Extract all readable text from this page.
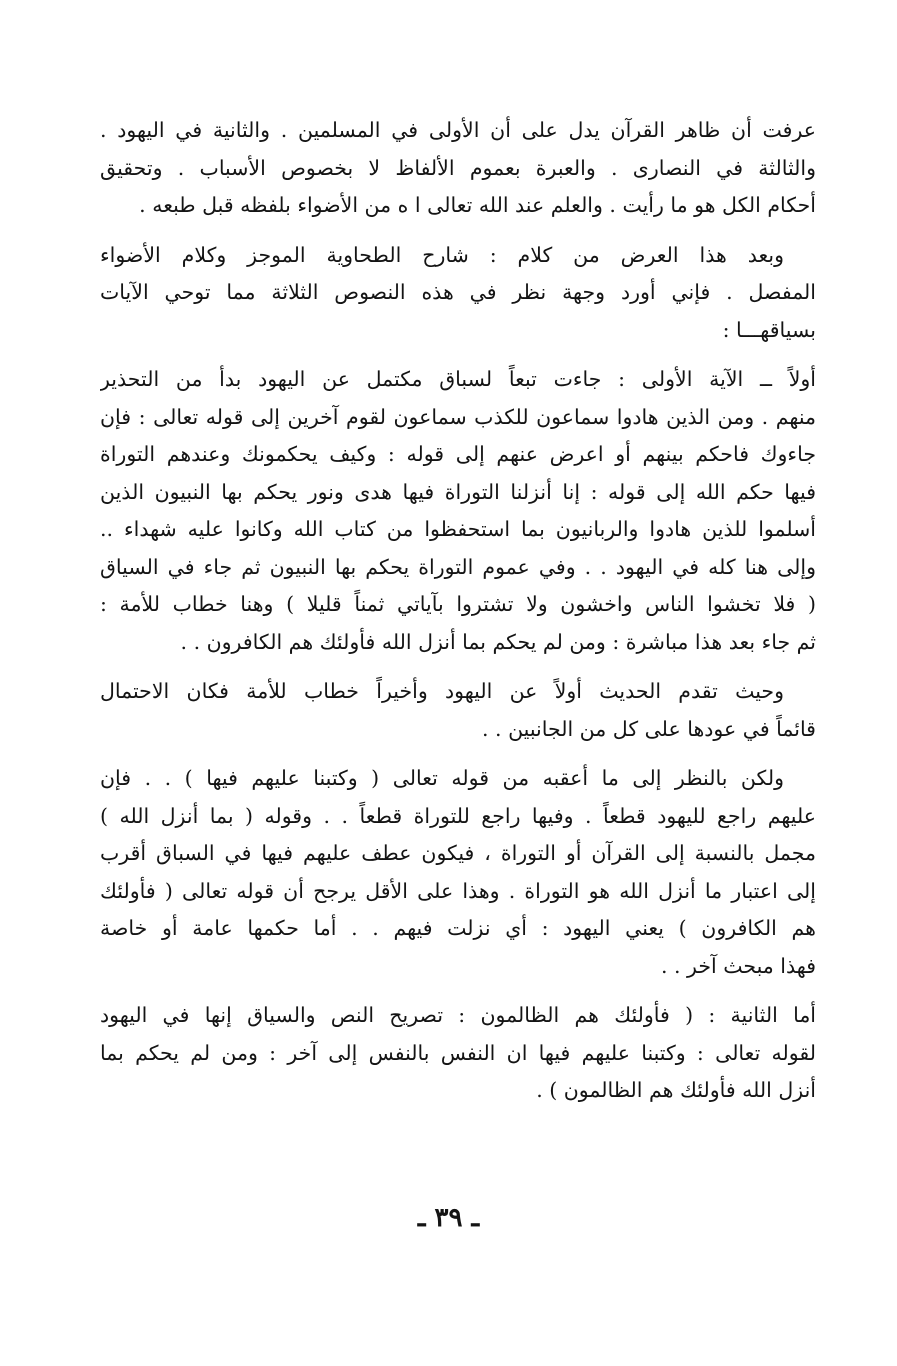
عرفت أن ظاهر القرآن يدل على أن الأولى في المسلمين . والثانية في اليهود .
والثالثة في النصارى . والعبرة بعموم الألفاظ لا بخصوص الأسباب . وتحقيق
أحكام الكل هو ما رأيت . والعلم عند الله تعالى ا ه من الأضواء بلفظه قبل طبعه .
وبعد هذا العرض من كلام : شارح الطحاوية الموجز وكلام الأضواء
المفصل . فإني أورد وجهة نظر في هذه النصوص الثلاثة مما توحي الآيات
بسياقهـــا :
أولاً ــ الآية الأولى : جاءت تبعاً لسباق مكتمل عن اليهود بدأ من التحذير
منهم . ومن الذين هادوا سماعون للكذب سماعون لقوم آخرين إلى قوله تعالى : فإن
جاءوك فاحكم بينهم أو اعرض عنهم إلى قوله : وكيف يحكمونك وعندهم التوراة
فيها حكم الله إلى قوله : إنا أنزلنا التوراة فيها هدى ونور يحكم بها النبيون الذين
أسلموا للذين هادوا والربانيون بما استحفظوا من كتاب الله وكانوا عليه شهداء ..
وإلى هنا كله في اليهود . . وفي عموم التوراة يحكم بها النبيون ثم جاء في السياق
( فلا تخشوا الناس واخشون ولا تشتروا بآياتي ثمناً قليلا ) وهنا خطاب للأمة :
ثم جاء بعد هذا مباشرة : ومن لم يحكم بما أنزل الله فأولئك هم الكافرون . .
وحيث تقدم الحديث أولاً عن اليهود وأخيراً خطاب للأمة فكان الاحتمال
قائماً في عودها على كل من الجانبين . .
ولكن بالنظر إلى ما أعقبه من قوله تعالى ( وكتبنا عليهم فيها ) . . فإن
عليهم راجع لليهود قطعاً . وفيها راجع للتوراة قطعاً . . وقوله ( بما أنزل الله )
مجمل بالنسبة إلى القرآن أو التوراة ، فيكون عطف عليهم فيها في السباق أقرب
إلى اعتبار ما أنزل الله هو التوراة . وهذا على الأقل يرجح أن قوله تعالى ( فأولئك
هم الكافرون ) يعني اليهود : أي نزلت فيهم . . أما حكمها عامة أو خاصة
فهذا مبحث آخر . .
أما الثانية : ( فأولئك هم الظالمون : تصريح النص والسياق إنها في اليهود
لقوله تعالى : وكتبنا عليهم فيها ان النفس بالنفس إلى آخر : ومن لم يحكم بما
أنزل الله فأولئك هم الظالمون ) .
ـ ٣٩ ـ
